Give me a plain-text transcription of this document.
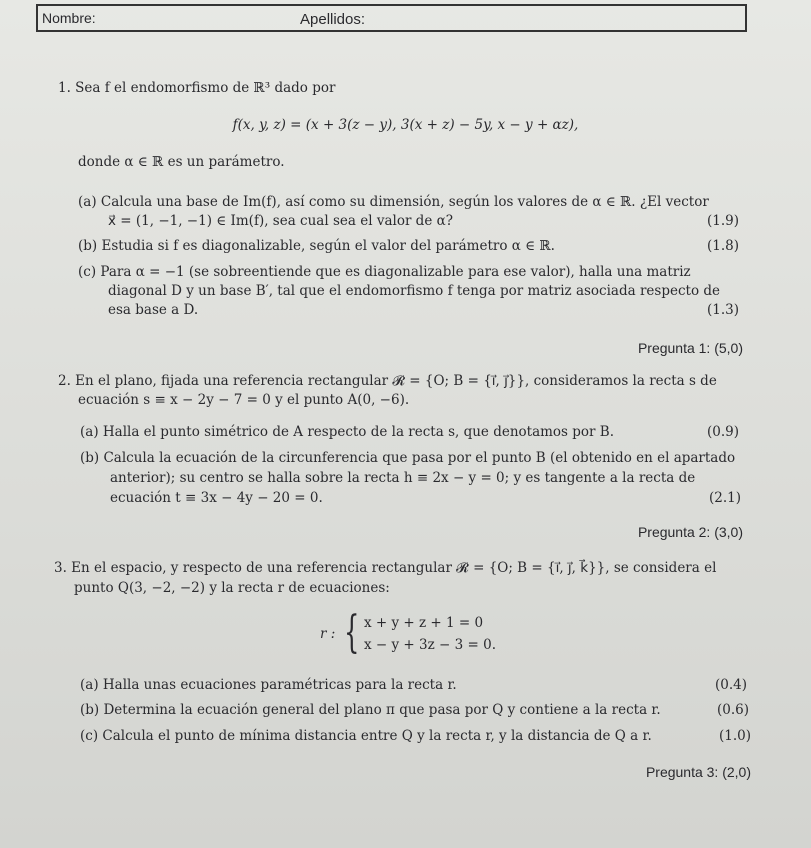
Nombre:	Apellidos:
1. Sea f el endomorfismo de ℝ³ dado por
f(x, y, z) = (x + 3(z − y), 3(x + z) − 5y, x − y + αz),
donde α ∈ ℝ es un parámetro.
(a) Calcula una base de Im(f), así como su dimensión, según los valores de α ∈ ℝ. ¿El vector
x⃗ = (1, −1, −1) ∈ Im(f), sea cual sea el valor de α?	(1.9)
(b) Estudia si f es diagonalizable, según el valor del parámetro α ∈ ℝ.	(1.8)
(c) Para α = −1 (se sobreentiende que es diagonalizable para ese valor), halla una matriz
diagonal D y un base B′, tal que el endomorfismo f tenga por matriz asociada respecto de
esa base a D.	(1.3)
Pregunta 1: (5,0)
2. En el plano, fijada una referencia rectangular 𝓡 = {O; B = {i⃗, j⃗}}, consideramos la recta s de
ecuación s ≡ x − 2y − 7 = 0 y el punto A(0, −6).
(a) Halla el punto simétrico de A respecto de la recta s, que denotamos por B.	(0.9)
(b) Calcula la ecuación de la circunferencia que pasa por el punto B (el obtenido en el apartado
anterior); su centro se halla sobre la recta h ≡ 2x − y = 0; y es tangente a la recta de
ecuación t ≡ 3x − 4y − 20 = 0.	(2.1)
Pregunta 2: (3,0)
3. En el espacio, y respecto de una referencia rectangular 𝓡 = {O; B = {i⃗, j⃗, k⃗}}, se considera el
punto Q(3, −2, −2) y la recta r de ecuaciones:
r : { x + y + z + 1 = 0
x − y + 3z − 3 = 0.
(a) Halla unas ecuaciones paramétricas para la recta r.	(0.4)
(b) Determina la ecuación general del plano π que pasa por Q y contiene a la recta r.	(0.6)
(c) Calcula el punto de mínima distancia entre Q y la recta r, y la distancia de Q a r.	(1.0)
Pregunta 3: (2,0)
